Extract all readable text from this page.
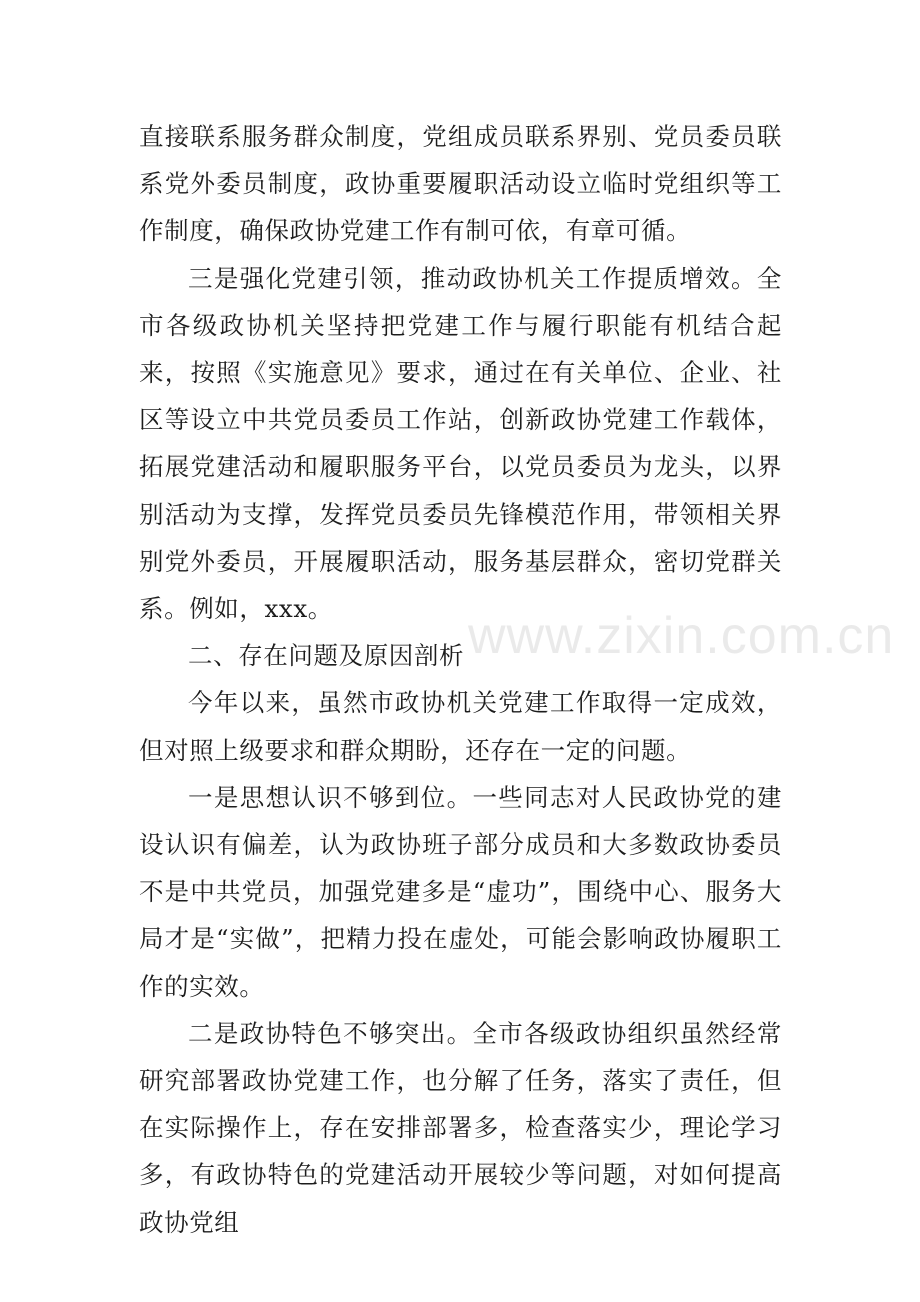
直接联系服务群众制度，党组成员联系界别、党员委员联系党外委员制度，政协重要履职活动设立临时党组织等工作制度，确保政协党建工作有制可依，有章可循。

三是强化党建引领，推动政协机关工作提质增效。全市各级政协机关坚持把党建工作与履行职能有机结合起来，按照《实施意见》要求，通过在有关单位、企业、社区等设立中共党员委员工作站，创新政协党建工作载体，拓展党建活动和履职服务平台，以党员委员为龙头，以界别活动为支撑，发挥党员委员先锋模范作用，带领相关界别党外委员，开展履职活动，服务基层群众，密切党群关系。例如，xxx。

二、存在问题及原因剖析

今年以来，虽然市政协机关党建工作取得一定成效，但对照上级要求和群众期盼，还存在一定的问题。

一是思想认识不够到位。一些同志对人民政协党的建设认识有偏差，认为政协班子部分成员和大多数政协委员不是中共党员，加强党建多是“虚功”，围绕中心、服务大局才是“实做”，把精力投在虚处，可能会影响政协履职工作的实效。

二是政协特色不够突出。全市各级政协组织虽然经常研究部署政协党建工作，也分解了任务，落实了责任，但在实际操作上，存在安排部署多，检查落实少，理论学习多，有政协特色的党建活动开展较少等问题，对如何提高政协党组

www.zixin.com.cn
